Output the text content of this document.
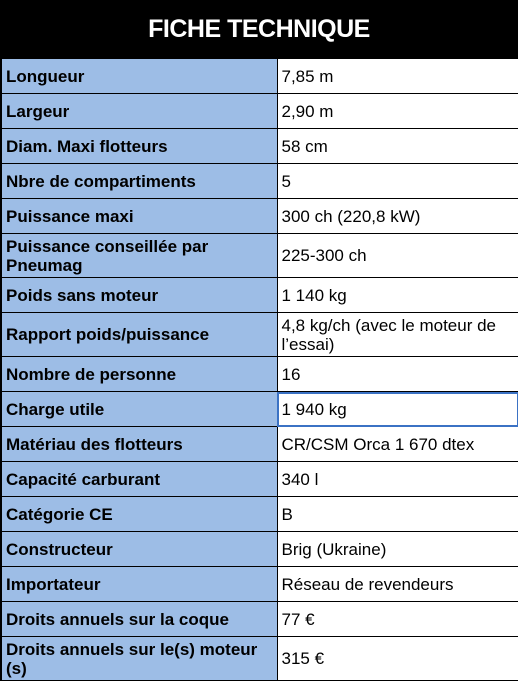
FICHE TECHNIQUE
Longueur	7,85 m
Largeur	2,90 m
Diam. Maxi flotteurs	58 cm
Nbre de compartiments	5
Puissance maxi	300 ch (220,8 kW)
Puissance conseillée par Pneumag	225-300 ch
Poids sans moteur	1 140 kg
Rapport poids/puissance	4,8 kg/ch (avec le moteur de l’essai)
Nombre de personne	16
Charge utile	1 940 kg
Matériau des flotteurs	CR/CSM Orca 1 670 dtex
Capacité carburant	340 l
Catégorie CE	B
Constructeur	Brig (Ukraine)
Importateur	Réseau de revendeurs
Droits annuels sur la coque	77 €
Droits annuels sur le(s) moteur (s)	315 €
